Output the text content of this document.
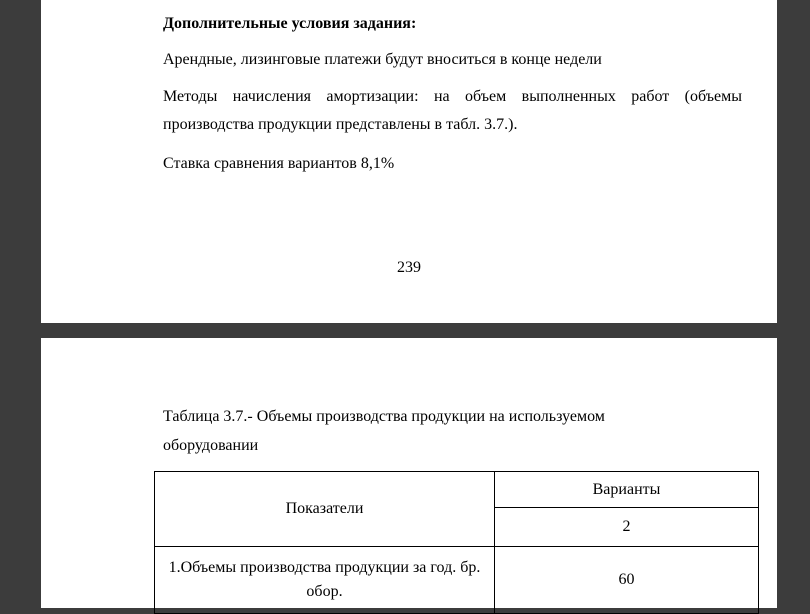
Дополнительные условия задания:

Арендные, лизинговые платежи будут вноситься в конце недели

Методы начисления амортизации: на объем выполненных работ (объемы производства продукции представлены в табл. 3.7.).

Ставка сравнения вариантов 8,1%

239

Таблица 3.7.- Объемы производства продукции на используемом оборудовании

Показатели	Варианты
	2
1.Объемы производства продукции за год. бр. обор.	60
